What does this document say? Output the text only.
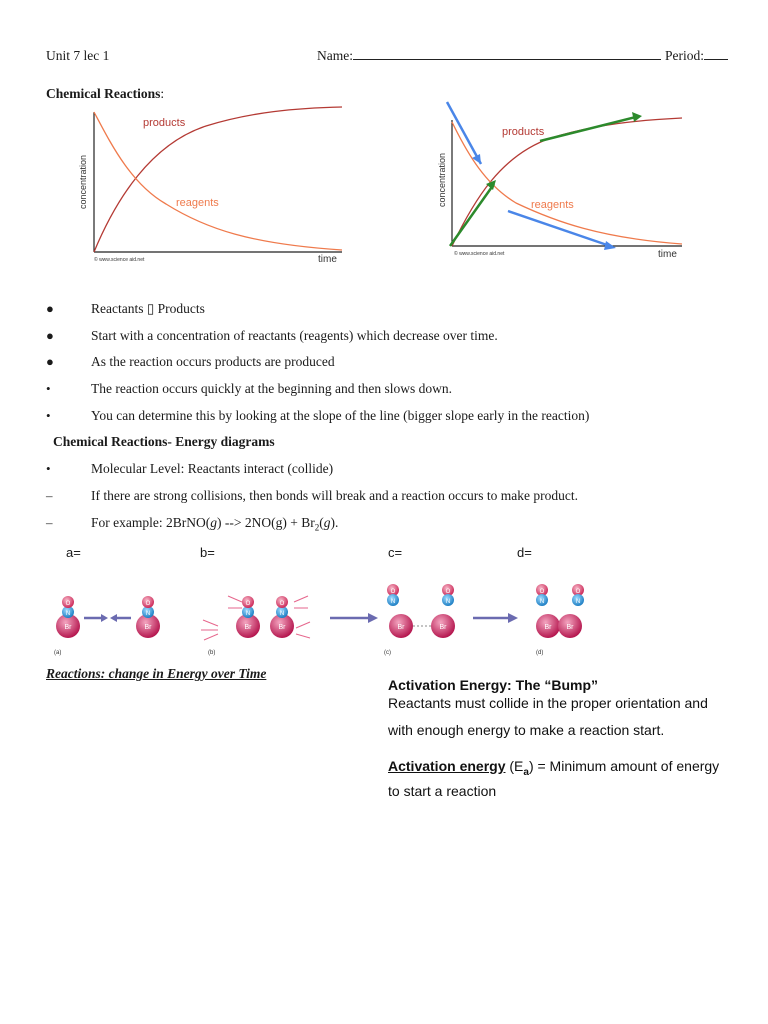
Unit 7 lec 1	Name:	Period:
Chemical Reactions:
concentration
time
products
reagents
© www.science aid.net
concentration
time
products
reagents
© www.science aid.net
●	Reactants ▯ Products
●	Start with a concentration of reactants (reagents) which decrease over time.
●	As the reaction occurs products are produced
•	The reaction occurs quickly at the beginning and then slows down.
•	You can determine this by looking at the slope of the line (bigger slope early in the reaction)
Chemical Reactions- Energy diagrams
•	Molecular Level: Reactants interact (collide)
–	If there are strong collisions, then bonds will break and a reaction occurs to make product.
–	For example: 2BrNO(g) --> $2NO(g) + Br_2(g)$.
a=	b=	c=	d=
Br
N
O
Br
N
O
(a)
Br
N
O
Br
N
O
(b)
O
N
O
N
Br	Br
(c)
O
N
O
N
Br Br
(d)
Reactions: change in Energy over Time
Activation Energy: The “Bump”
Reactants must collide in the proper orientation and
with enough energy to make a reaction start.
Activation energy $(E_a)$ = Minimum amount of energy
to start a reaction
